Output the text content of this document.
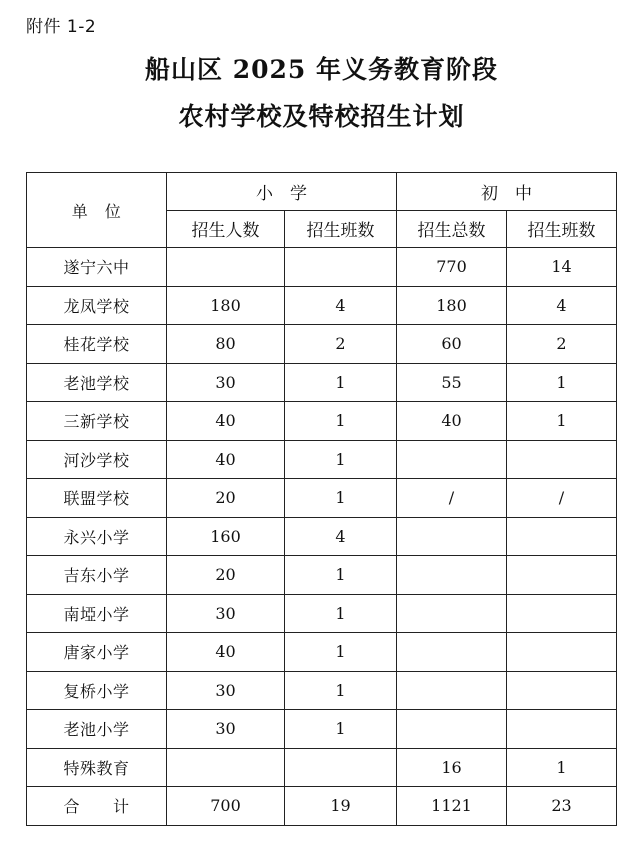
附件 1-2
船山区 2025 年义务教育阶段
农村学校及特校招生计划
单　位	小　学		初　中	
	招生人数	招生班数	招生总数	招生班数
遂宁六中			770	14
龙凤学校	180	4	180	4
桂花学校	80	2	60	2
老池学校	30	1	55	1
三新学校	40	1	40	1
河沙学校	40	1		
联盟学校	20	1	/	/
永兴小学	160	4		
吉东小学	20	1		
南埡小学	30	1		
唐家小学	40	1		
复桥小学	30	1		
老池小学	30	1		
特殊教育			16	1
合　　计	700	19	1121	23
